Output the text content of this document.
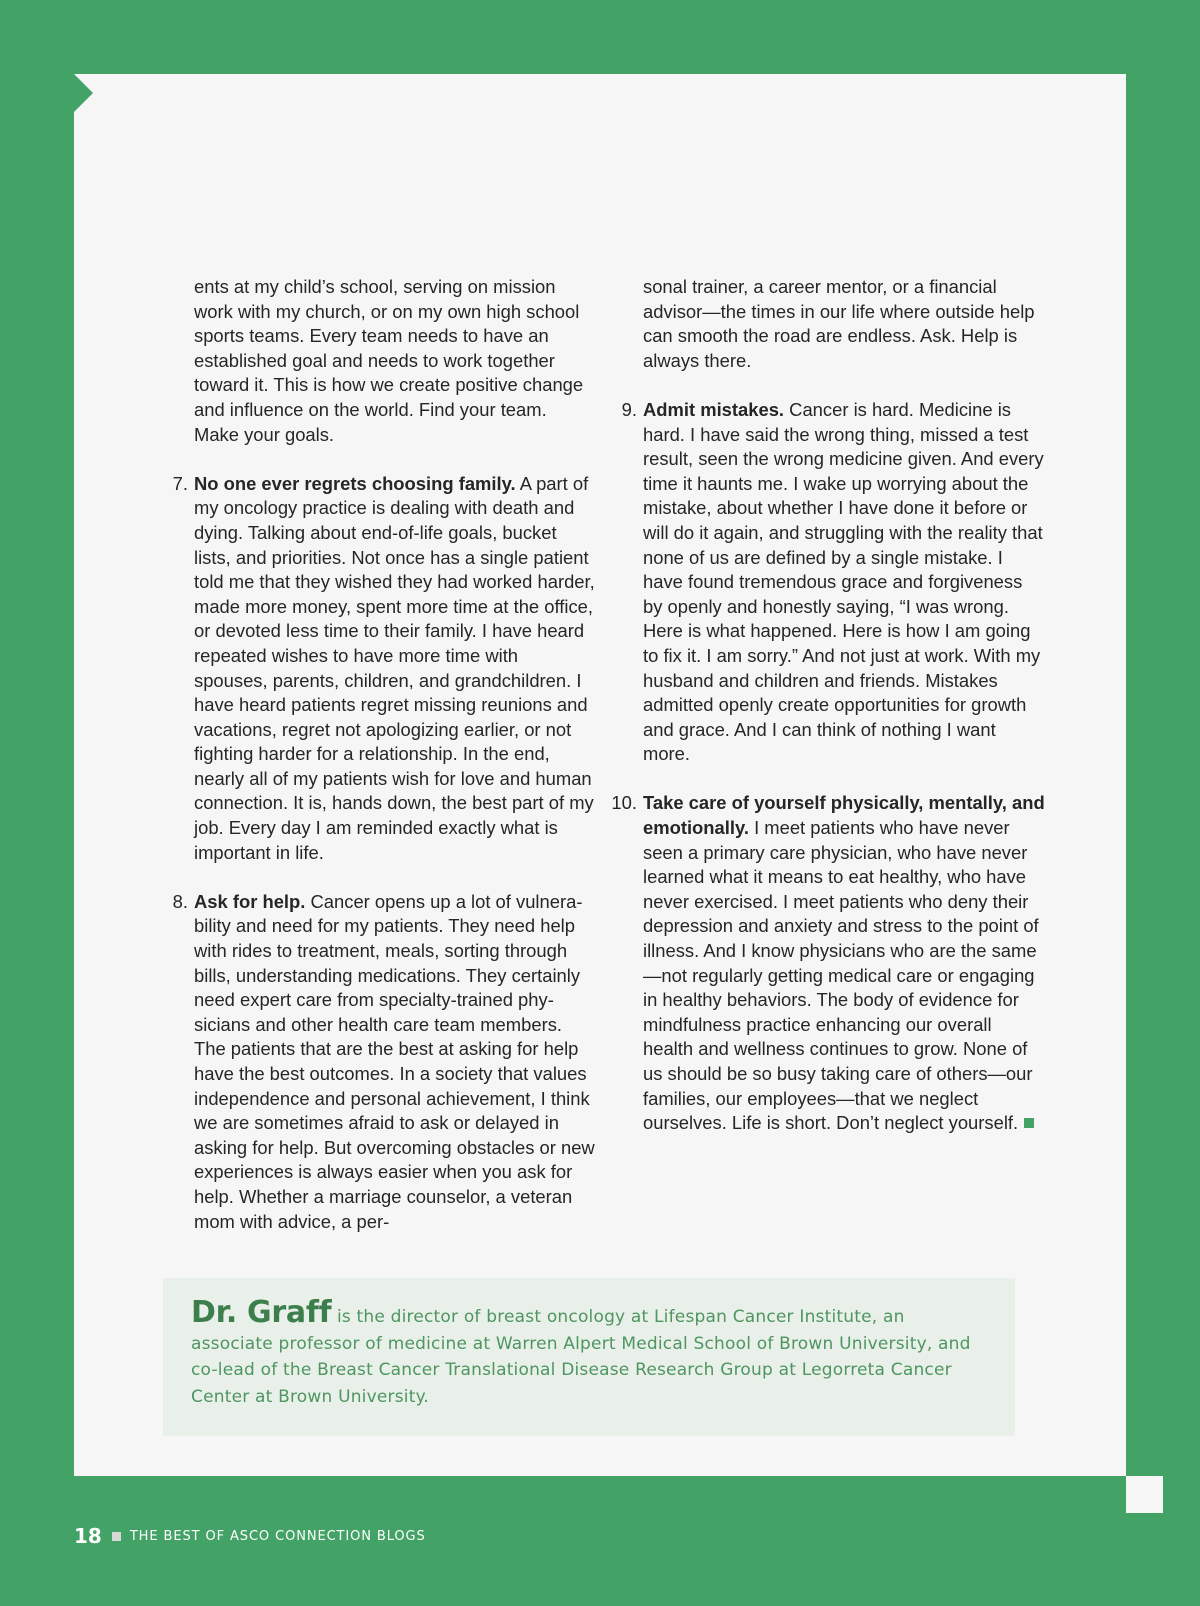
ents at my child’s school, serving on mission work with my church, or on my own high school sports teams. Every team needs to have an established goal and needs to work together toward it. This is how we create positive change and influence on the world. Find your team. Make your goals.

7. No one ever regrets choosing family. A part of my oncology practice is dealing with death and dying. Talking about end-of-life goals, bucket lists, and priorities. Not once has a single patient told me that they wished they had worked harder, made more money, spent more time at the office, or devoted less time to their family. I have heard repeated wishes to have more time with spouses, parents, children, and grandchildren. I have heard patients regret missing reunions and vacations, regret not apologizing earlier, or not fighting harder for a relationship. In the end, nearly all of my patients wish for love and human connection. It is, hands down, the best part of my job. Every day I am reminded exactly what is important in life.

8. Ask for help. Cancer opens up a lot of vulnerability and need for my patients. They need help with rides to treatment, meals, sorting through bills, understanding medications. They certainly need expert care from specialty-trained physicians and other health care team members. The patients that are the best at asking for help have the best outcomes. In a society that values independence and personal achievement, I think we are sometimes afraid to ask or delayed in asking for help. But overcoming obstacles or new experiences is always easier when you ask for help. Whether a marriage counselor, a veteran mom with advice, a per-

sonal trainer, a career mentor, or a financial advisor—the times in our life where outside help can smooth the road are endless. Ask. Help is always there.

9. Admit mistakes. Cancer is hard. Medicine is hard. I have said the wrong thing, missed a test result, seen the wrong medicine given. And every time it haunts me. I wake up worrying about the mistake, about whether I have done it before or will do it again, and struggling with the reality that none of us are defined by a single mistake. I have found tremendous grace and forgiveness by openly and honestly saying, “I was wrong. Here is what happened. Here is how I am going to fix it. I am sorry.” And not just at work. With my husband and children and friends. Mistakes admitted openly create opportunities for growth and grace. And I can think of nothing I want more.

10. Take care of yourself physically, mentally, and emotionally. I meet patients who have never seen a primary care physician, who have never learned what it means to eat healthy, who have never exercised. I meet patients who deny their depression and anxiety and stress to the point of illness. And I know physicians who are the same—not regularly getting medical care or engaging in healthy behaviors. The body of evidence for mindfulness practice enhancing our overall health and wellness continues to grow. None of us should be so busy taking care of others—our families, our employees—that we neglect ourselves. Life is short. Don’t neglect yourself.

Dr. Graff is the director of breast oncology at Lifespan Cancer Institute, an associate professor of medicine at Warren Alpert Medical School of Brown University, and co-lead of the Breast Cancer Translational Disease Research Group at Legorreta Cancer Center at Brown University.
18 THE BEST OF ASCO CONNECTION BLOGS
